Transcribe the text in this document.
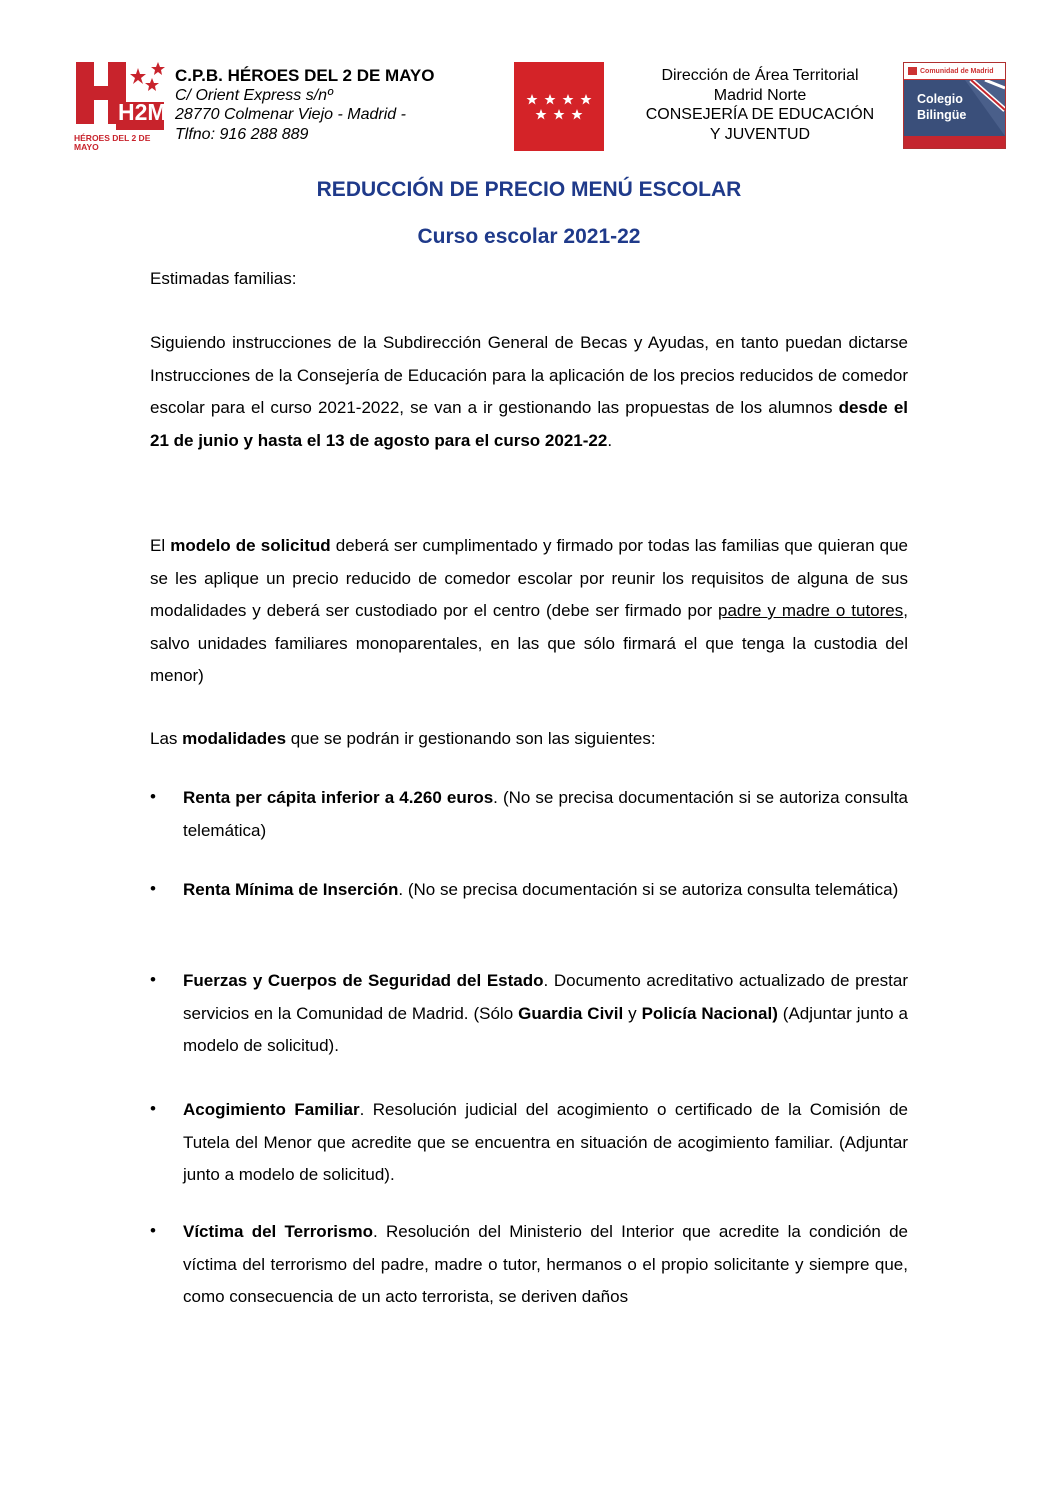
H2M
HÉROES DEL 2 DE MAYO
C.P.B. HÉROES DEL 2 DE MAYO
C/ Orient Express s/nº
28770 Colmenar Viejo - Madrid -
Tlfno: 916 288 889
Dirección de Área Territorial
Madrid Norte
CONSEJERÍA DE EDUCACIÓN
Y JUVENTUD
Comunidad de Madrid
Colegio
Bilingüe
REDUCCIÓN DE PRECIO MENÚ ESCOLAR
Curso escolar 2021-22
Estimadas familias:
Siguiendo instrucciones de la Subdirección General de Becas y Ayudas, en tanto puedan dictarse Instrucciones de la Consejería de Educación para la aplicación de los precios reducidos de comedor escolar para el curso 2021-2022, se van a ir gestionando las propuestas de los alumnos desde el 21 de junio y hasta el 13 de agosto para el curso 2021-22.
El modelo de solicitud deberá ser cumplimentado y firmado por todas las familias que quieran que se les aplique un precio reducido de comedor escolar por reunir los requisitos de alguna de sus modalidades y deberá ser custodiado por el centro (debe ser firmado por padre y madre o tutores, salvo unidades familiares monoparentales, en las que sólo firmará el que tenga la custodia del menor)
Las modalidades que se podrán ir gestionando son las siguientes:
• Renta per cápita inferior a 4.260 euros. (No se precisa documentación si se autoriza consulta telemática)
• Renta Mínima de Inserción. (No se precisa documentación si se autoriza consulta telemática)
• Fuerzas y Cuerpos de Seguridad del Estado. Documento acreditativo actualizado de prestar servicios en la Comunidad de Madrid. (Sólo Guardia Civil y Policía Nacional) (Adjuntar junto a modelo de solicitud).
• Acogimiento Familiar. Resolución judicial del acogimiento o certificado de la Comisión de Tutela del Menor que acredite que se encuentra en situación de acogimiento familiar. (Adjuntar junto a modelo de solicitud).
• Víctima del Terrorismo. Resolución del Ministerio del Interior que acredite la condición de víctima del terrorismo del padre, madre o tutor, hermanos o el propio solicitante y siempre que, como consecuencia de un acto terrorista, se deriven daños
